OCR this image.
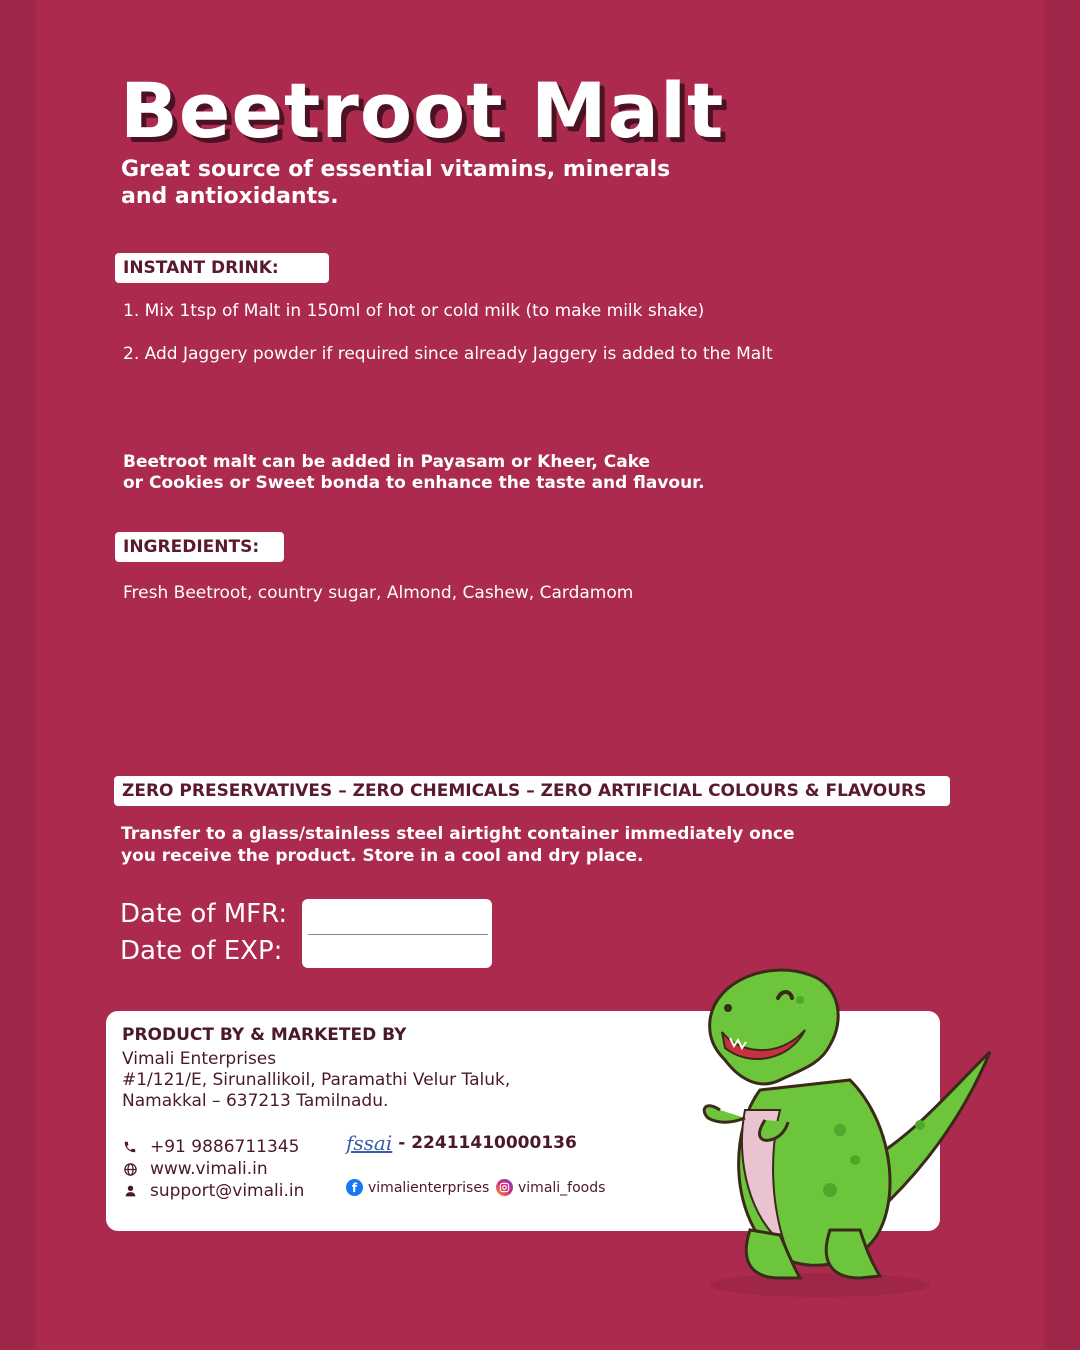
Beetroot Malt
Great source of essential vitamins, minerals and antioxidants.
INSTANT DRINK:
1. Mix 1tsp of Malt in 150ml of hot or cold milk (to make milk shake)
2. Add Jaggery powder if required since already Jaggery is added to the Malt
Beetroot malt can be added in Payasam or Kheer, Cake
or Cookies or Sweet bonda to enhance the taste and flavour.
INGREDIENTS:
Fresh Beetroot, country sugar, Almond, Cashew, Cardamom
ZERO PRESERVATIVES – ZERO CHEMICALS – ZERO ARTIFICIAL COLOURS & FLAVOURS
Transfer to a glass/stainless steel airtight container immediately once
you receive the product. Store in a cool and dry place.
Date of MFR:
Date of EXP:
PRODUCT BY & MARKETED BY
Vimali Enterprises
#1/121/E, Sirunallikoil, Paramathi Velur Taluk,
Namakkal – 637213 Tamilnadu.
+91 9886711345
www.vimali.in
support@vimali.in
fssai - 22411410000136
f vimalienterprises vimali_foods
